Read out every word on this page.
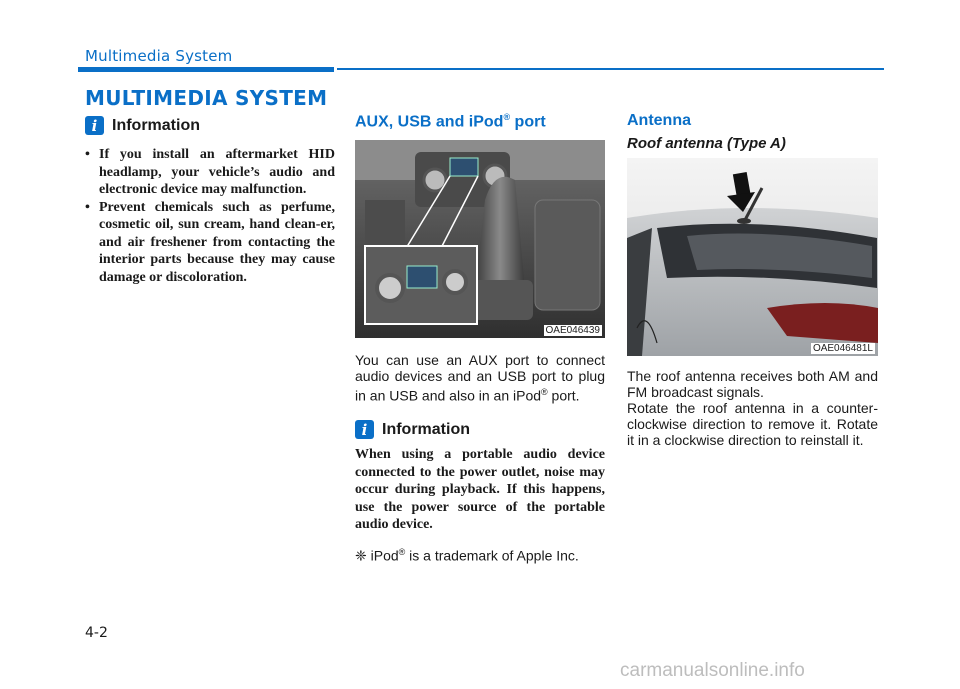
Multimedia System
MULTIMEDIA SYSTEM
i Information
• If you install an aftermarket HID headlamp, your vehicle’s audio and electronic device may malfunction.
• Prevent chemicals such as perfume, cosmetic oil, sun cream, hand clean-er, and air freshener from contacting the interior parts because they may cause damage or discoloration.
AUX, USB and iPod® port
OAE046439
You can use an AUX port to connect audio devices and an USB port to plug in an USB and also in an iPod® port.
i Information
When using a portable audio device connected to the power outlet, noise may occur during playback. If this happens, use the power source of the portable audio device.
❈ iPod® is a trademark of Apple Inc.
Antenna
Roof antenna (Type A)
OAE046481L
The roof antenna receives both AM and FM broadcast signals.
Rotate the roof antenna in a counter-clockwise direction to remove it. Rotate it in a clockwise direction to reinstall it.
4-2
carmanualsonline.info
